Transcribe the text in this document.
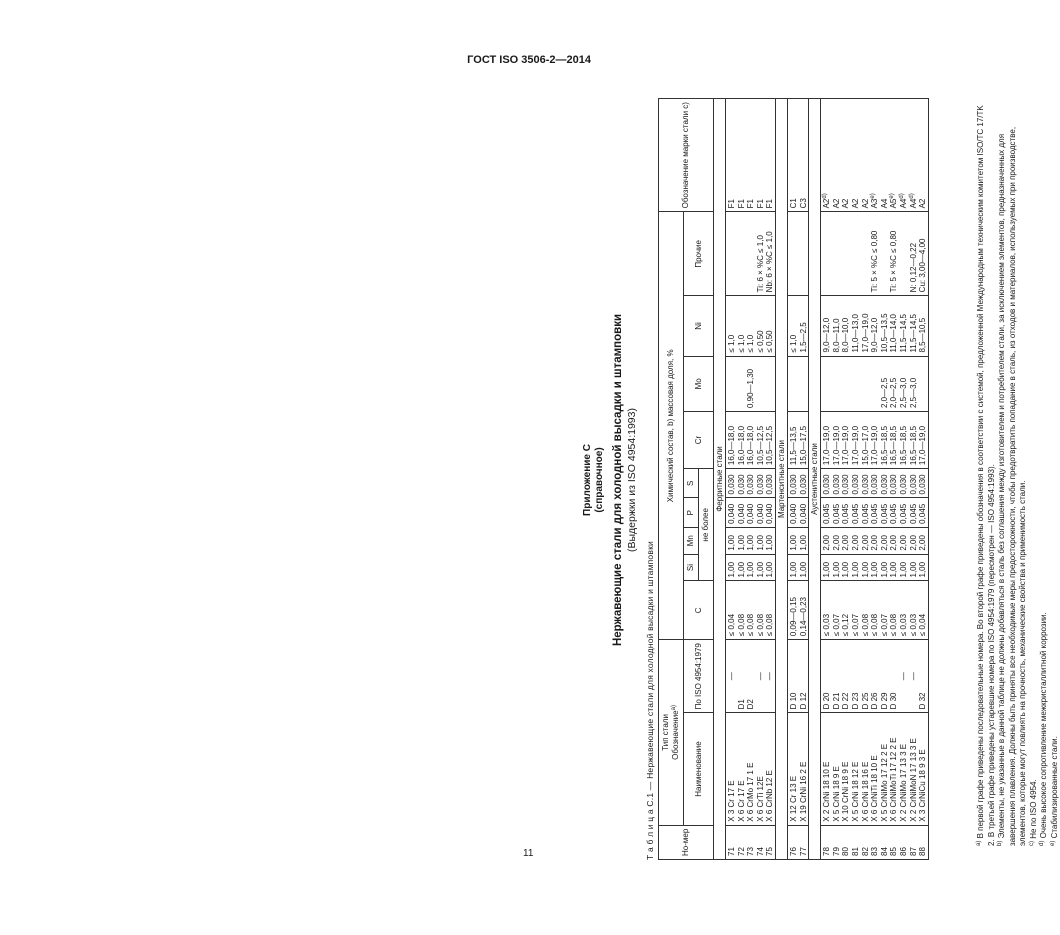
ГОСТ ISO 3506-2—2014
11
Приложение С (справочное) Нержавеющие стали для холодной высадки и штамповки (Выдержки из ISO 4954:1993)
Т а б л и ц а С.1 — Нержавеющие стали для холодной высадки и штамповки	Но-мер	Тип стали
Обозначение$^{a)}$		Химический состав, b) массовая доля, %									Обозначение марки стали c)
	Наименование	По ISO 4954:1979	C	Si	Mn	P	S	Cr	Mo	Ni	Прочие	
				не более								
Ферритные стали												
71	X 3 Cr 17 E	—	≤ 0,04	1,00	1,00	0,040	0,030	16,0—18,0		≤ 1,0		F1
72	X 6 Cr 17 E	D1	≤ 0,08	1,00	1,00	0,040	0,030	16,0—18,0		≤ 1,0		F1
73	X 6 CrMo 17 1 E	D2	≤ 0,08	1,00	1,00	0,040	0,030	16,0—18,0	0,90—1,30	≤ 1,0		F1
74	X 6 CrTi 12E	—	≤ 0,08	1,00	1,00	0,040	0,030	10,5—12,5		≤ 0,50	Ti: 6 × %C ≤ 1,0	F1
75	X 6 CrNb 12 E	—	≤ 0,08	1,00	1,00	0,040	0,030	10,5—12,5		≤ 0,50	Nb: 6 × %C ≤ 1,0	F1
Мартенситные стали												
76	X 12 Cr 13 E	D 10	0,09—0,15	1,00	1,00	0,040	0,030	11,5—13,5		≤ 1,0		C1
77	X 19 CrNi 16 2 E	D 12	0,14—0,23	1,00	1,00	0,040	0,030	15,0—17,5		1,5—2,5		C3
Аустенитные стали												
78	X 2 CrNi 18 10 E	D 20	≤ 0,03	1,00	2,00	0,045	0,030	17,0—19,0		9,0—12,0		A2$^{d)}$
79	X 5 CrNi 18 9 E	D 21	≤ 0,07	1,00	2,00	0,045	0,030	17,0—19,0		8,0—11,0		A2
80	X 10 CrNi 18 9 E	D 22	≤ 0,12	1,00	2,00	0,045	0,030	17,0—19,0		8,0—10,0		A2
81	X 5 CrNi 18 12 E	D 23	≤ 0,07	1,00	2,00	0,045	0,030	17,0—19,0		11,0—13,0		A2
82	X 6 CrNi 18 16 E	D 25	≤ 0,08	1,00	2,00	0,045	0,030	15,0—17,0		17,0—19,0		A2
83	X 6 CrNiTi 18 10 E	D 26	≤ 0,08	1,00	2,00	0,045	0,030	17,0—19,0		9,0—12,0	Ti: 5 × %C ≤ 0,80	A3$^{e)}$
84	X 5 CrNiMo 17 12 2 E	D 29	≤ 0,07	1,00	2,00	0,045	0,030	16,5—18,5	2,0—2,5	10,5—13,5		A4
85	X 6 CrNiMoTi 17 12 2 E	D 30	≤ 0,08	1,00	2,00	0,045	0,030	16,5—18,5	2,0—2,5	11,0—14,0	Ti: 5 × %C ≤ 0,80	A5$^{e)}$
86	X 2 CrNiMo 17 13 3 E	—	≤ 0,03	1,00	2,00	0,045	0,030	16,5—18,5	2,5—3,0	11,5—14,5		A4$^{d)}$
87	X 2 CrNiMoN 17 13 3 E	—	≤ 0,03	1,00	2,00	0,045	0,030	16,5—18,5	2,5—3,0	11,5—14,5	N: 0,12—0,22	A4$^{d)}$
88	X 3 CrNiCu 18 9 3 E	D 32	≤ 0,04	1,00	2,00	0,045	0,030	17,0—19,0		8,5—10,5	Cu: 3,00—4,00	A2

$^{a)}$ В первой графе приведены последовательные номера. Во второй графе приведены обозначения в соответствии с системой, предложенной Международным техническим комитетом ISO/TC 17/TK 2. В третьей графе приведены устаревшие номера по ISO 4954:1979 (пересмотрен — ISO 4954:1993). $^{b)}$ Элементы, не указанные в данной таблице не должны добавляться в сталь без соглашения между изготовителем и потребителем стали, за исключением элементов, предназначенных для завершения плавления. Должны быть приняты все необходимые меры предосторожности, чтобы предотвратить попадание в сталь, из отходов и материалов, используемых при производстве, элементов, которые могут повлиять на прочность, механические свойства и применимость стали. $^{c)}$ Не по ISO 4954.

$^{d)}$ Очень высокое сопротивление межкристаллитной коррозии.

$^{e)}$ Стабилизированные стали.
